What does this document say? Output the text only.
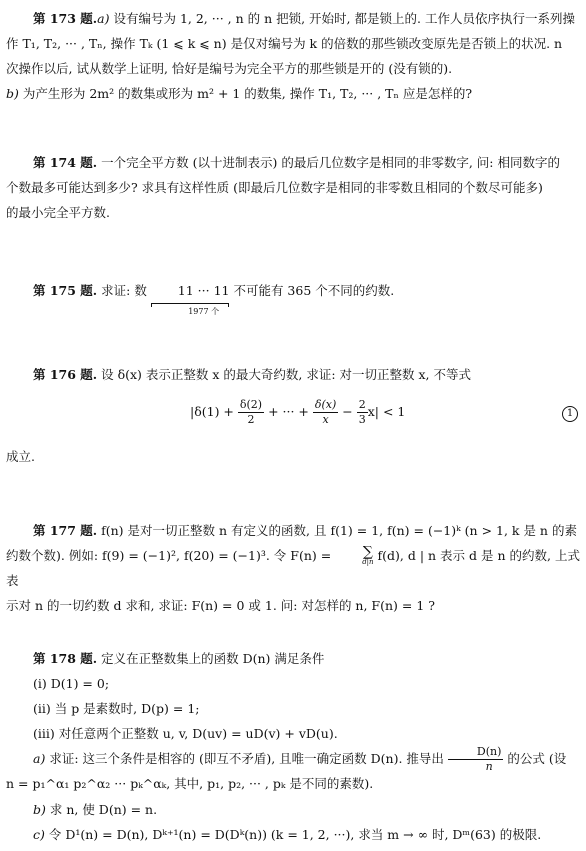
第 173 题.a) 设有编号为 1, 2, ··· , n 的 n 把锁, 开始时, 都是锁上的. 工作人员依序执行一系列操
作 T₁, T₂, ··· , Tₙ, 操作 Tₖ (1 ⩽ k ⩽ n) 是仅对编号为 k 的倍数的那些锁改变原先是否锁上的状况. n
次操作以后, 试从数学上证明, 恰好是编号为完全平方的那些锁是开的 (没有锁的).
b) 为产生形为 2m² 的数集或形为 m² + 1 的数集, 操作 T₁, T₂, ··· , Tₙ 应是怎样的?
第 174 题. 一个完全平方数 (以十进制表示) 的最后几位数字是相同的非零数字, 问: 相同数字的
个数最多可能达到多少? 求具有这样性质 (即最后几位数字是相同的非零数且相同的个数尽可能多)
的最小完全平方数.
第 175 题. 求证: 数	11 ··· 11
1977 个
不可能有 365 个不同的约数.
第 176 题. 设 δ(x) 表示正整数 x 的最大奇约数, 求证: 对一切正整数 x, 不等式
$|\delta(1) + \frac{\delta(2)}{2}$ + ··· + $\frac{\delta(x)}{x} - \frac{2}{3} x| < 1$	1
成立.
第 177 题. f(n) 是对一切正整数 n 有定义的函数, 且 f(1) = 1, f(n) = (−1)ᵏ (n > 1, k 是 n 的素
约数个数). 例如: f(9) = (−1)², f(20) = (−1)³. 令 F(n) =	∑
d|n f(d), d | n 表示 d 是 n 的约数, 上式表
示对 n 的一切约数 d 求和, 求证: F(n) = 0 或 1. 问: 对怎样的 n, F(n) = 1 ?
第 178 题. 定义在正整数集上的函数 D(n) 满足条件
(i) D(1) = 0;
(ii) 当 p 是素数时, D(p) = 1;
(iii) 对任意两个正整数 u, v, D(uv) = uD(v) + vD(u).
a) 求证: 这三个条件是相容的 (即互不矛盾), 且唯一确定函数 D(n). 推导出 $\frac{D(n)}{n}$ 的公式 (设
n = p₁^α₁ p₂^α₂ ··· pₖ^αₖ, 其中, p₁, p₂, ··· , pₖ 是不同的素数).
b) 求 n, 使 D(n) = n.
c) 令 D¹(n) = D(n), Dᵏ⁺¹(n) = D(Dᵏ(n)) (k = 1, 2, ···), 求当 m → ∞ 时, Dᵐ(63) 的极限.
